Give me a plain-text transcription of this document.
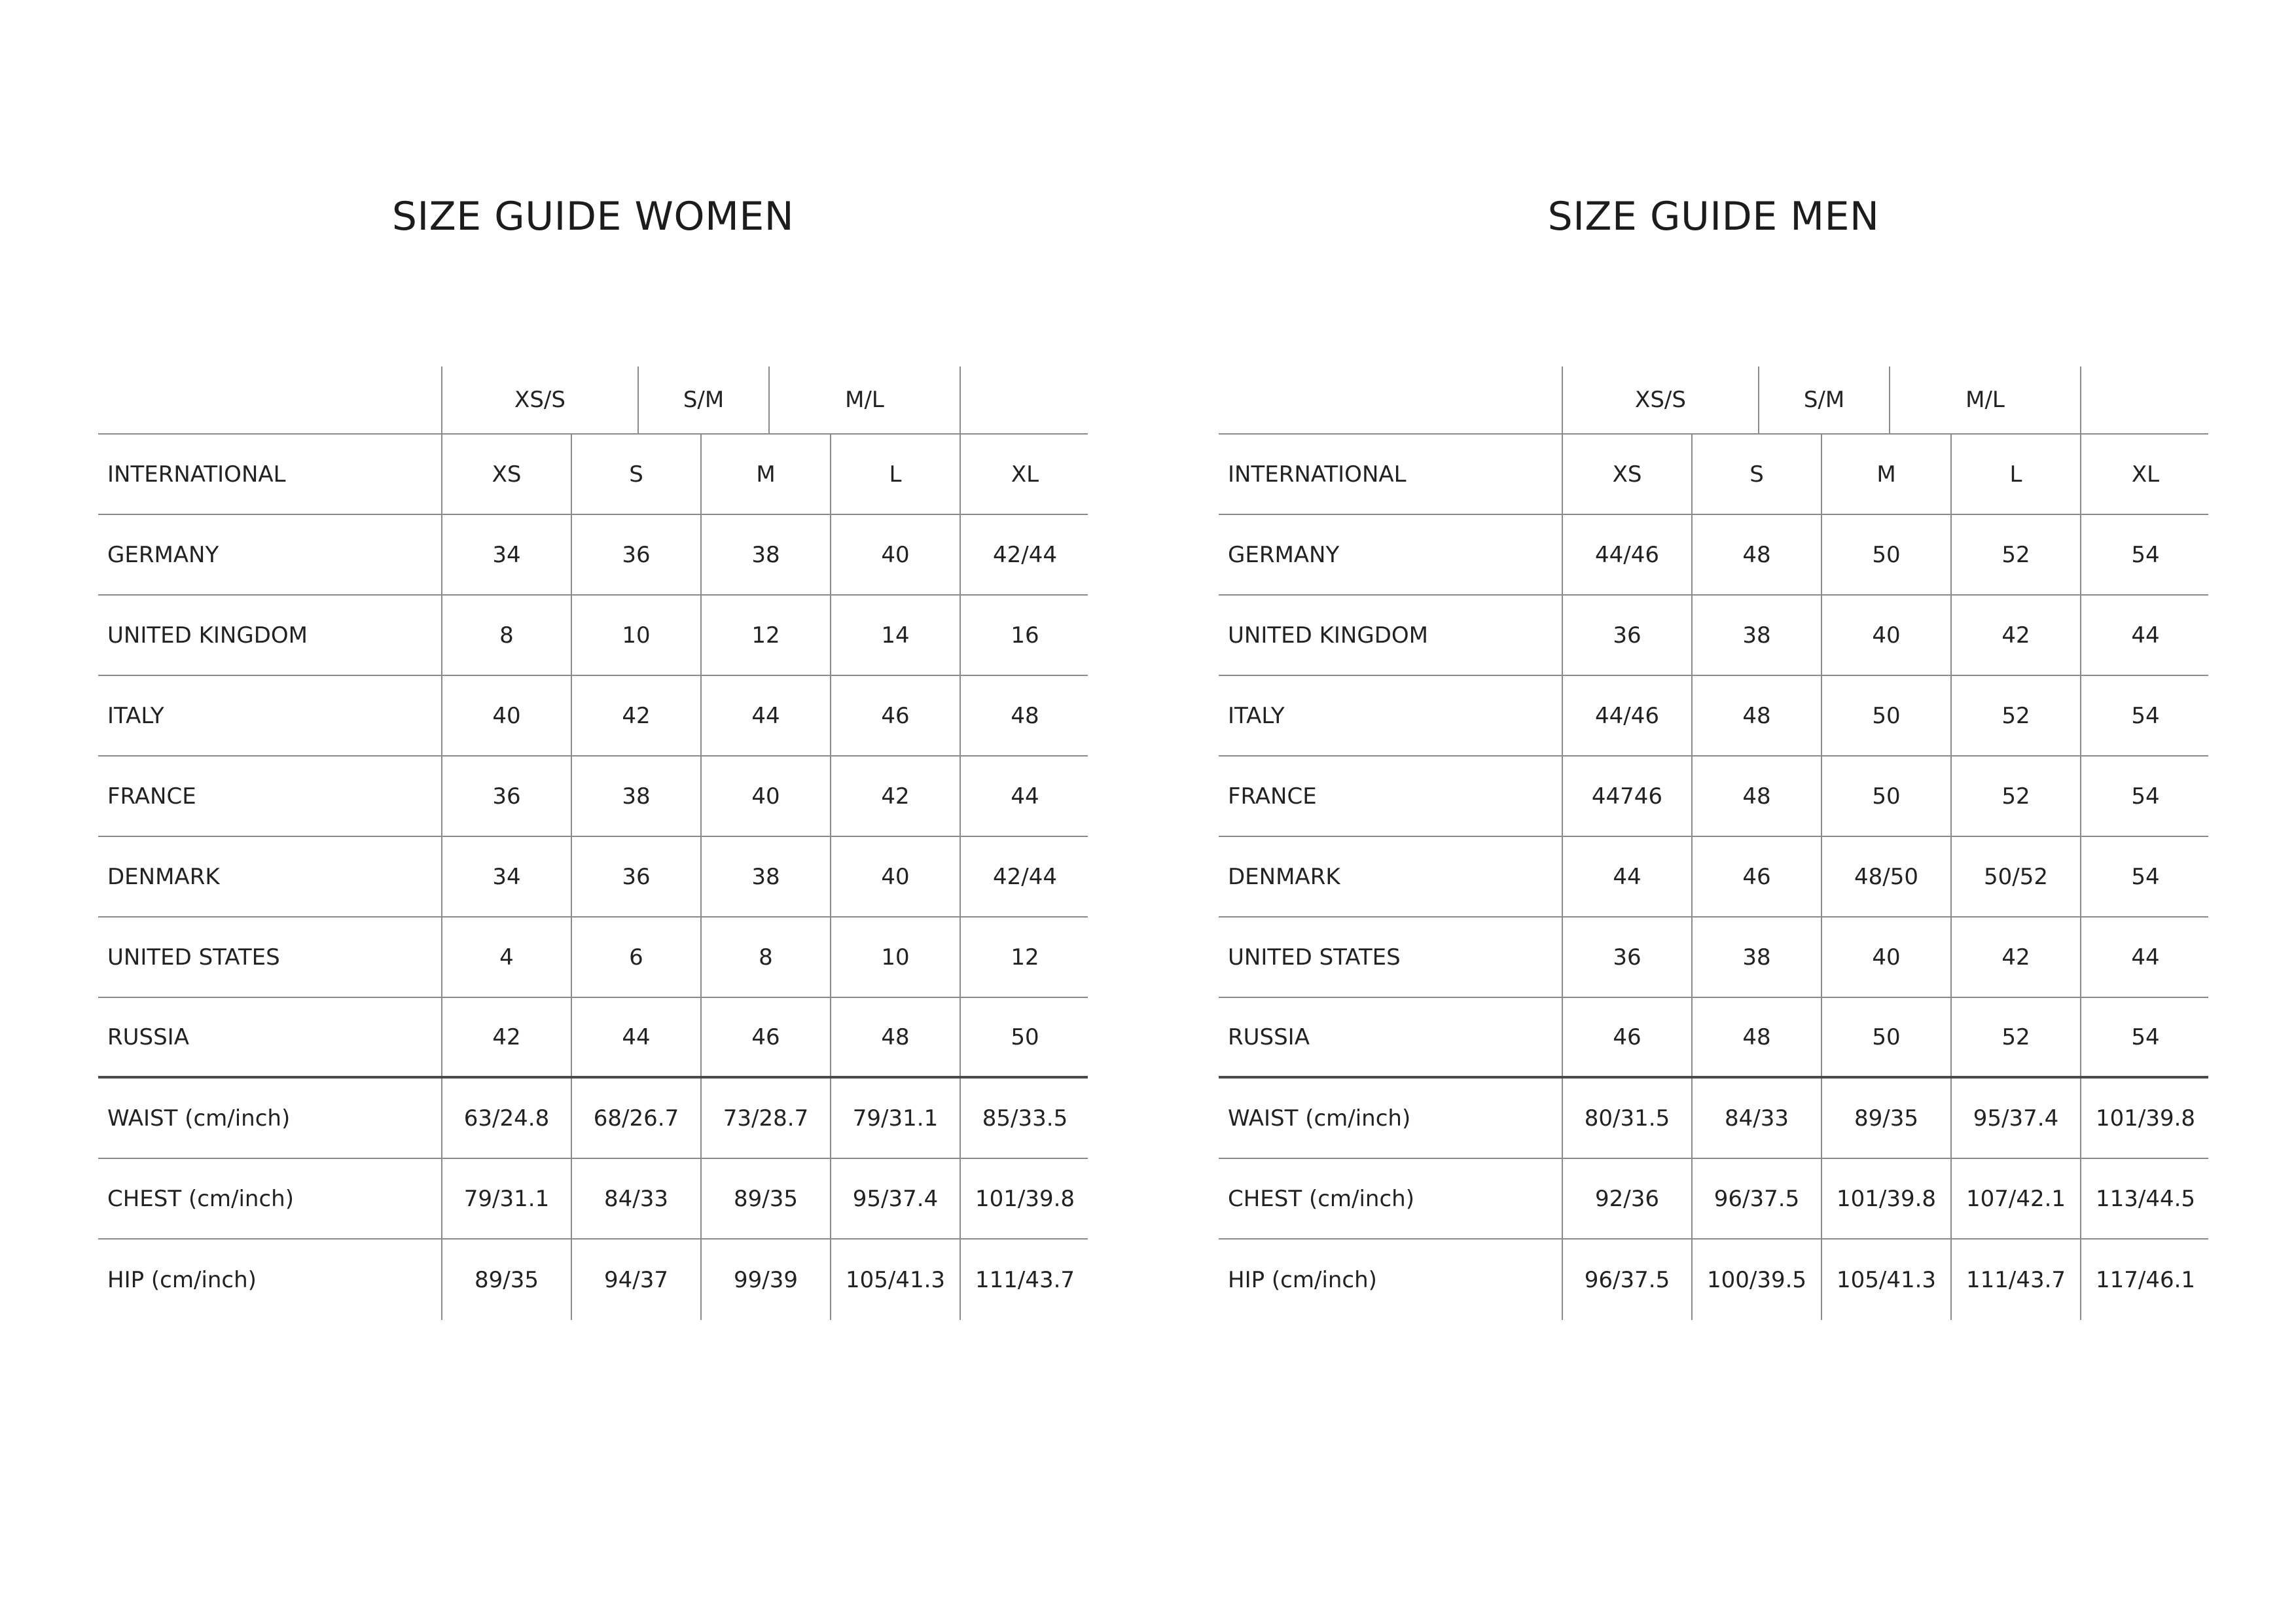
SIZE GUIDE WOMEN
XS/S	S/M	M/L
INTERNATIONAL	XS	S	M	L	XL
GERMANY	34	36	38	40	42/44
UNITED KINGDOM	8	10	12	14	16
ITALY	40	42	44	46	48
FRANCE	36	38	40	42	44
DENMARK	34	36	38	40	42/44
UNITED STATES	4	6	8	10	12
RUSSIA	42	44	46	48	50
WAIST (cm/inch)	63/24.8	68/26.7	73/28.7	79/31.1	85/33.5
CHEST (cm/inch)	79/31.1	84/33	89/35	95/37.4	101/39.8
HIP (cm/inch)	89/35	94/37	99/39	105/41.3	111/43.7
SIZE GUIDE MEN
XS/S	S/M	M/L
INTERNATIONAL	XS	S	M	L	XL
GERMANY	44/46	48	50	52	54
UNITED KINGDOM	36	38	40	42	44
ITALY	44/46	48	50	52	54
FRANCE	44746	48	50	52	54
DENMARK	44	46	48/50	50/52	54
UNITED STATES	36	38	40	42	44
RUSSIA	46	48	50	52	54
WAIST (cm/inch)	80/31.5	84/33	89/35	95/37.4	101/39.8
CHEST (cm/inch)	92/36	96/37.5	101/39.8	107/42.1	113/44.5
HIP (cm/inch)	96/37.5	100/39.5	105/41.3	111/43.7	117/46.1
